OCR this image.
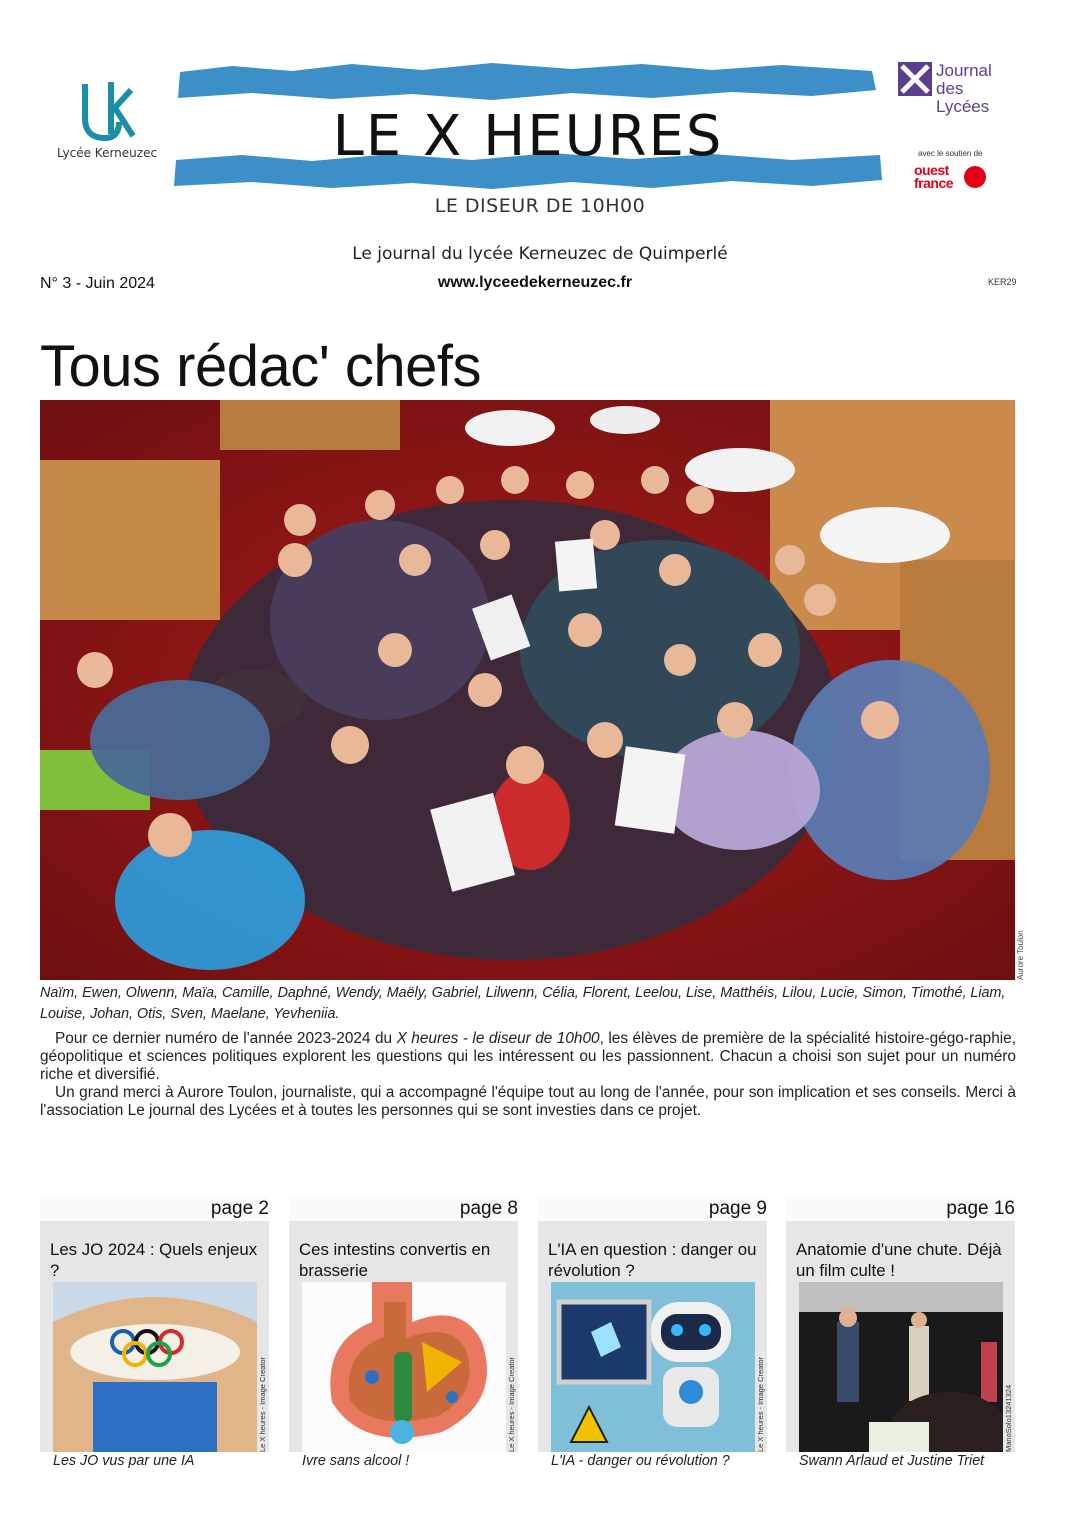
Lycée Kerneuzec	LE X HEURES
LE DISEUR DE 10H00
Journal des Lycées
avec le soutien de
ouest france
Le journal du lycée Kerneuzec de Quimperlé
N° 3 - Juin 2024	www.lyceedekerneuzec.fr	KER29
Tous rédac' chefs
Aurore Toulon
Naïm, Ewen, Olwenn, Maïa, Camille, Daphné, Wendy, Maëly, Gabriel, Lilwenn, Célia, Florent, Leelou, Lise, Matthéis, Lilou, Lucie, Simon, Timothé, Liam, Louise, Johan, Otis, Sven, Maelane, Yevheniia.

Pour ce dernier numéro de l'année 2023-2024 du X heures - le diseur de 10h00, les élèves de première de la spécialité histoire-gégo-raphie, géopolitique et sciences politiques explorent les questions qui les intéressent ou les passionnent. Chacun a choisi son sujet pour un numéro riche et diversifié.

Un grand merci à Aurore Toulon, journaliste, qui a accompagné l'équipe tout au long de l'année, pour son implication et ses conseils. Merci à l'association Le journal des Lycées et à toutes les personnes qui se sont investies dans ce projet.

page 2
Les JO 2024 : Quels enjeux ?
Le X heures - Image Creator
Les JO vus par une IA
page 8
Ces intestins convertis en brasserie
Le X heures - Image Creator
Ivre sans alcool !
page 9
L'IA en question : danger ou révolution ?
Le X heures - Image Creator
L'IA - danger ou révolution ?
page 16
Anatomie d'une chute. Déjà un film culte !
ManoSolo13241324
Swann Arlaud et Justine Triet
